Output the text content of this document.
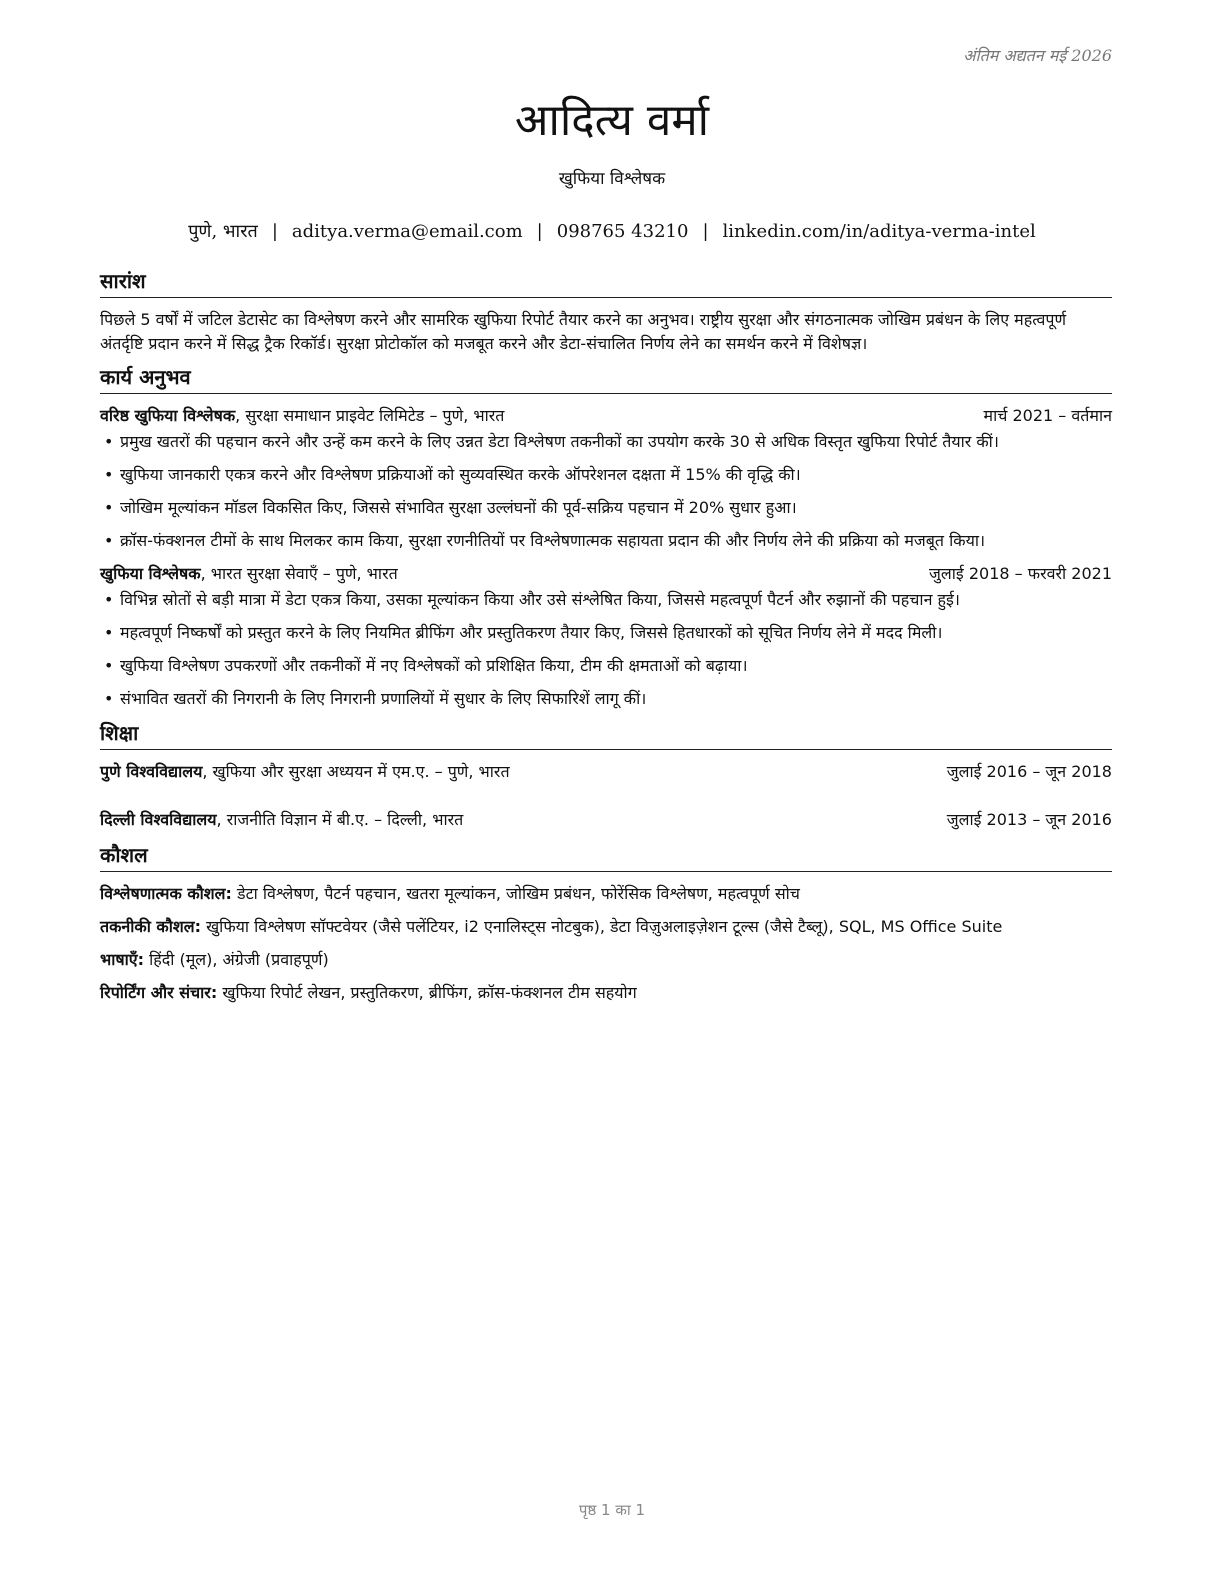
अंतिम अद्यतन मई 2026
आदित्य वर्मा
खुफिया विश्लेषक
पुणे, भारत | aditya.verma@email.com | 098765 43210 | linkedin.com/in/aditya-verma-intel
सारांश

पिछले 5 वर्षों में जटिल डेटासेट का विश्लेषण करने और सामरिक खुफिया रिपोर्ट तैयार करने का अनुभव। राष्ट्रीय सुरक्षा और संगठनात्मक जोखिम प्रबंधन के लिए महत्वपूर्ण अंतर्दृष्टि प्रदान करने में सिद्ध ट्रैक रिकॉर्ड। सुरक्षा प्रोटोकॉल को मजबूत करने और डेटा-संचालित निर्णय लेने का समर्थन करने में विशेषज्ञ।

कार्य अनुभव
वरिष्ठ खुफिया विश्लेषक, सुरक्षा समाधान प्राइवेट लिमिटेड – पुणे, भारत	मार्च 2021 – वर्तमान
• प्रमुख खतरों की पहचान करने और उन्हें कम करने के लिए उन्नत डेटा विश्लेषण तकनीकों का उपयोग करके 30 से अधिक विस्तृत खुफिया रिपोर्ट तैयार कीं।
• खुफिया जानकारी एकत्र करने और विश्लेषण प्रक्रियाओं को सुव्यवस्थित करके ऑपरेशनल दक्षता में 15% की वृद्धि की।
• जोखिम मूल्यांकन मॉडल विकसित किए, जिससे संभावित सुरक्षा उल्लंघनों की पूर्व-सक्रिय पहचान में 20% सुधार हुआ।
• क्रॉस-फंक्शनल टीमों के साथ मिलकर काम किया, सुरक्षा रणनीतियों पर विश्लेषणात्मक सहायता प्रदान की और निर्णय लेने की प्रक्रिया को मजबूत किया।
खुफिया विश्लेषक, भारत सुरक्षा सेवाएँ – पुणे, भारत	जुलाई 2018 – फरवरी 2021
• विभिन्न स्रोतों से बड़ी मात्रा में डेटा एकत्र किया, उसका मूल्यांकन किया और उसे संश्लेषित किया, जिससे महत्वपूर्ण पैटर्न और रुझानों की पहचान हुई।
• महत्वपूर्ण निष्कर्षों को प्रस्तुत करने के लिए नियमित ब्रीफिंग और प्रस्तुतिकरण तैयार किए, जिससे हितधारकों को सूचित निर्णय लेने में मदद मिली।
• खुफिया विश्लेषण उपकरणों और तकनीकों में नए विश्लेषकों को प्रशिक्षित किया, टीम की क्षमताओं को बढ़ाया।
• संभावित खतरों की निगरानी के लिए निगरानी प्रणालियों में सुधार के लिए सिफारिशें लागू कीं।
शिक्षा
पुणे विश्वविद्यालय, खुफिया और सुरक्षा अध्ययन में एम.ए. – पुणे, भारत	जुलाई 2016 – जून 2018
दिल्ली विश्वविद्यालय, राजनीति विज्ञान में बी.ए. – दिल्ली, भारत	जुलाई 2013 – जून 2016
कौशल
विश्लेषणात्मक कौशल: डेटा विश्लेषण, पैटर्न पहचान, खतरा मूल्यांकन, जोखिम प्रबंधन, फोरेंसिक विश्लेषण, महत्वपूर्ण सोच
तकनीकी कौशल: खुफिया विश्लेषण सॉफ्टवेयर (जैसे पलेंटियर, i2 एनालिस्ट्स नोटबुक), डेटा विज़ुअलाइज़ेशन टूल्स (जैसे टैब्लू), SQL, MS Office Suite
भाषाएँ: हिंदी (मूल), अंग्रेजी (प्रवाहपूर्ण)
रिपोर्टिंग और संचार: खुफिया रिपोर्ट लेखन, प्रस्तुतिकरण, ब्रीफिंग, क्रॉस-फंक्शनल टीम सहयोग
पृष्ठ 1 का 1
